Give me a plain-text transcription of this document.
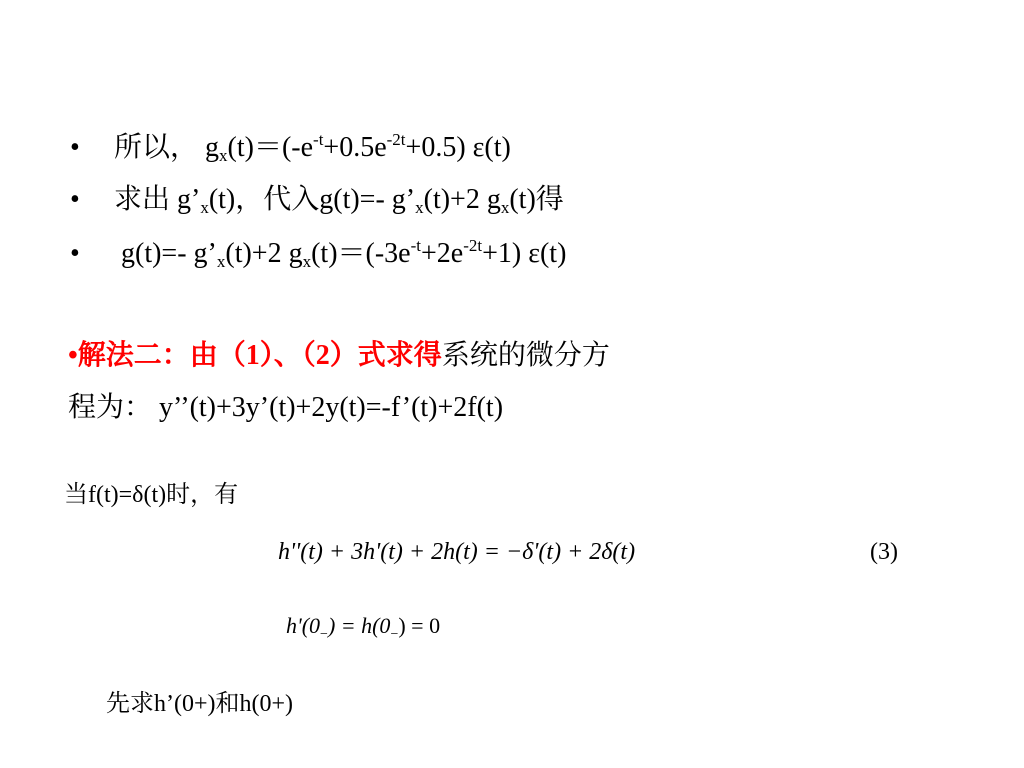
• 所以， $g_x(t)=(-e^{-t}+0.5e^{-2t}+0.5)$ ε(t)
• 求出 $g’_x(t)$，代入g(t)=- $g’_x(t)+2$ $g_x(t)$得
• g(t)=- $g’_x(t)+2$ $g_x(t)=(-3e^{-t}+2e^{-2t}+1)$ ε(t)
•解法二：由（1）、（2）式求得系统的微分方
程为： y’’(t)+3y’(t)+2y(t)=-f’(t)+2f(t)
当f(t)=δ(t)时，有
h''(t) + 3h'(t) + 2h(t) = −δ'(t) + 2δ(t)	(3)
$h'(0_-) = h(0_-) = 0$
先求h’(0+)和h(0+)
